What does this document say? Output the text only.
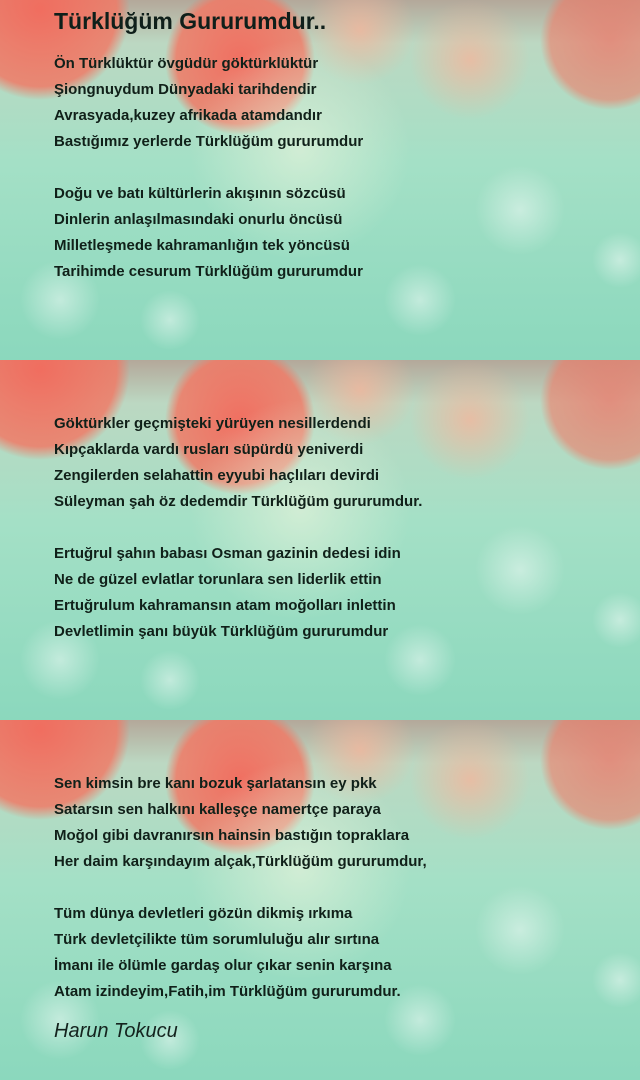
Türklüğüm Gururumdur..
Ön Türklüktür övgüdür göktürklüktür
Şiongnuydum Dünyadaki tarihdendir
Avrasyada,kuzey afrikada atamdandır
Bastığımız yerlerde Türklüğüm gururumdur
Doğu ve batı kültürlerin akışının sözcüsü
Dinlerin anlaşılmasındaki onurlu öncüsü
Milletleşmede kahramanlığın tek yöncüsü
Tarihimde cesurum Türklüğüm gururumdur
Göktürkler geçmişteki yürüyen nesillerdendi
Kıpçaklarda vardı rusları süpürdü yeniverdi
Zengilerden selahattin eyyubi haçlıları devirdi
Süleyman şah öz dedemdir Türklüğüm gururumdur.
Ertuğrul şahın babası Osman gazinin dedesi idin
Ne de güzel evlatlar torunlara sen liderlik ettin
Ertuğrulum kahramansın atam moğolları inlettin
Devletlimin şanı büyük Türklüğüm gururumdur
Sen kimsin bre kanı bozuk şarlatansın ey pkk
Satarsın sen halkını kalleşçe namertçe paraya
Moğol gibi davranırsın hainsin bastığın topraklara
Her daim karşındayım alçak,Türklüğüm gururumdur,
Tüm dünya devletleri gözün dikmiş ırkıma
Türk devletçilikte tüm sorumluluğu alır sırtına
İmanı ile ölümle gardaş olur çıkar senin karşına
Atam izindeyim,Fatih,im Türklüğüm gururumdur.
Harun Tokucu
